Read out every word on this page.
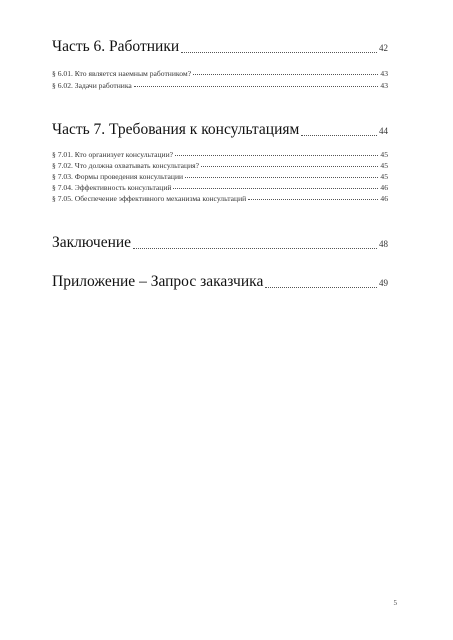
Часть 6. Работники	42
§ 6.01. Кто является наемным работником?	43
§ 6.02. Задачи работника	43
Часть 7. Требования к консультациям	44
§ 7.01. Кто организует консультации?	45
§ 7.02. Что должна охватывать консультация?	45
§ 7.03. Формы проведения консультации	45
§ 7.04. Эффективность консультаций	46
§ 7.05. Обеспечение эффективного механизма консультаций	46
Заключение	48
Приложение – Запрос заказчика	49
5
